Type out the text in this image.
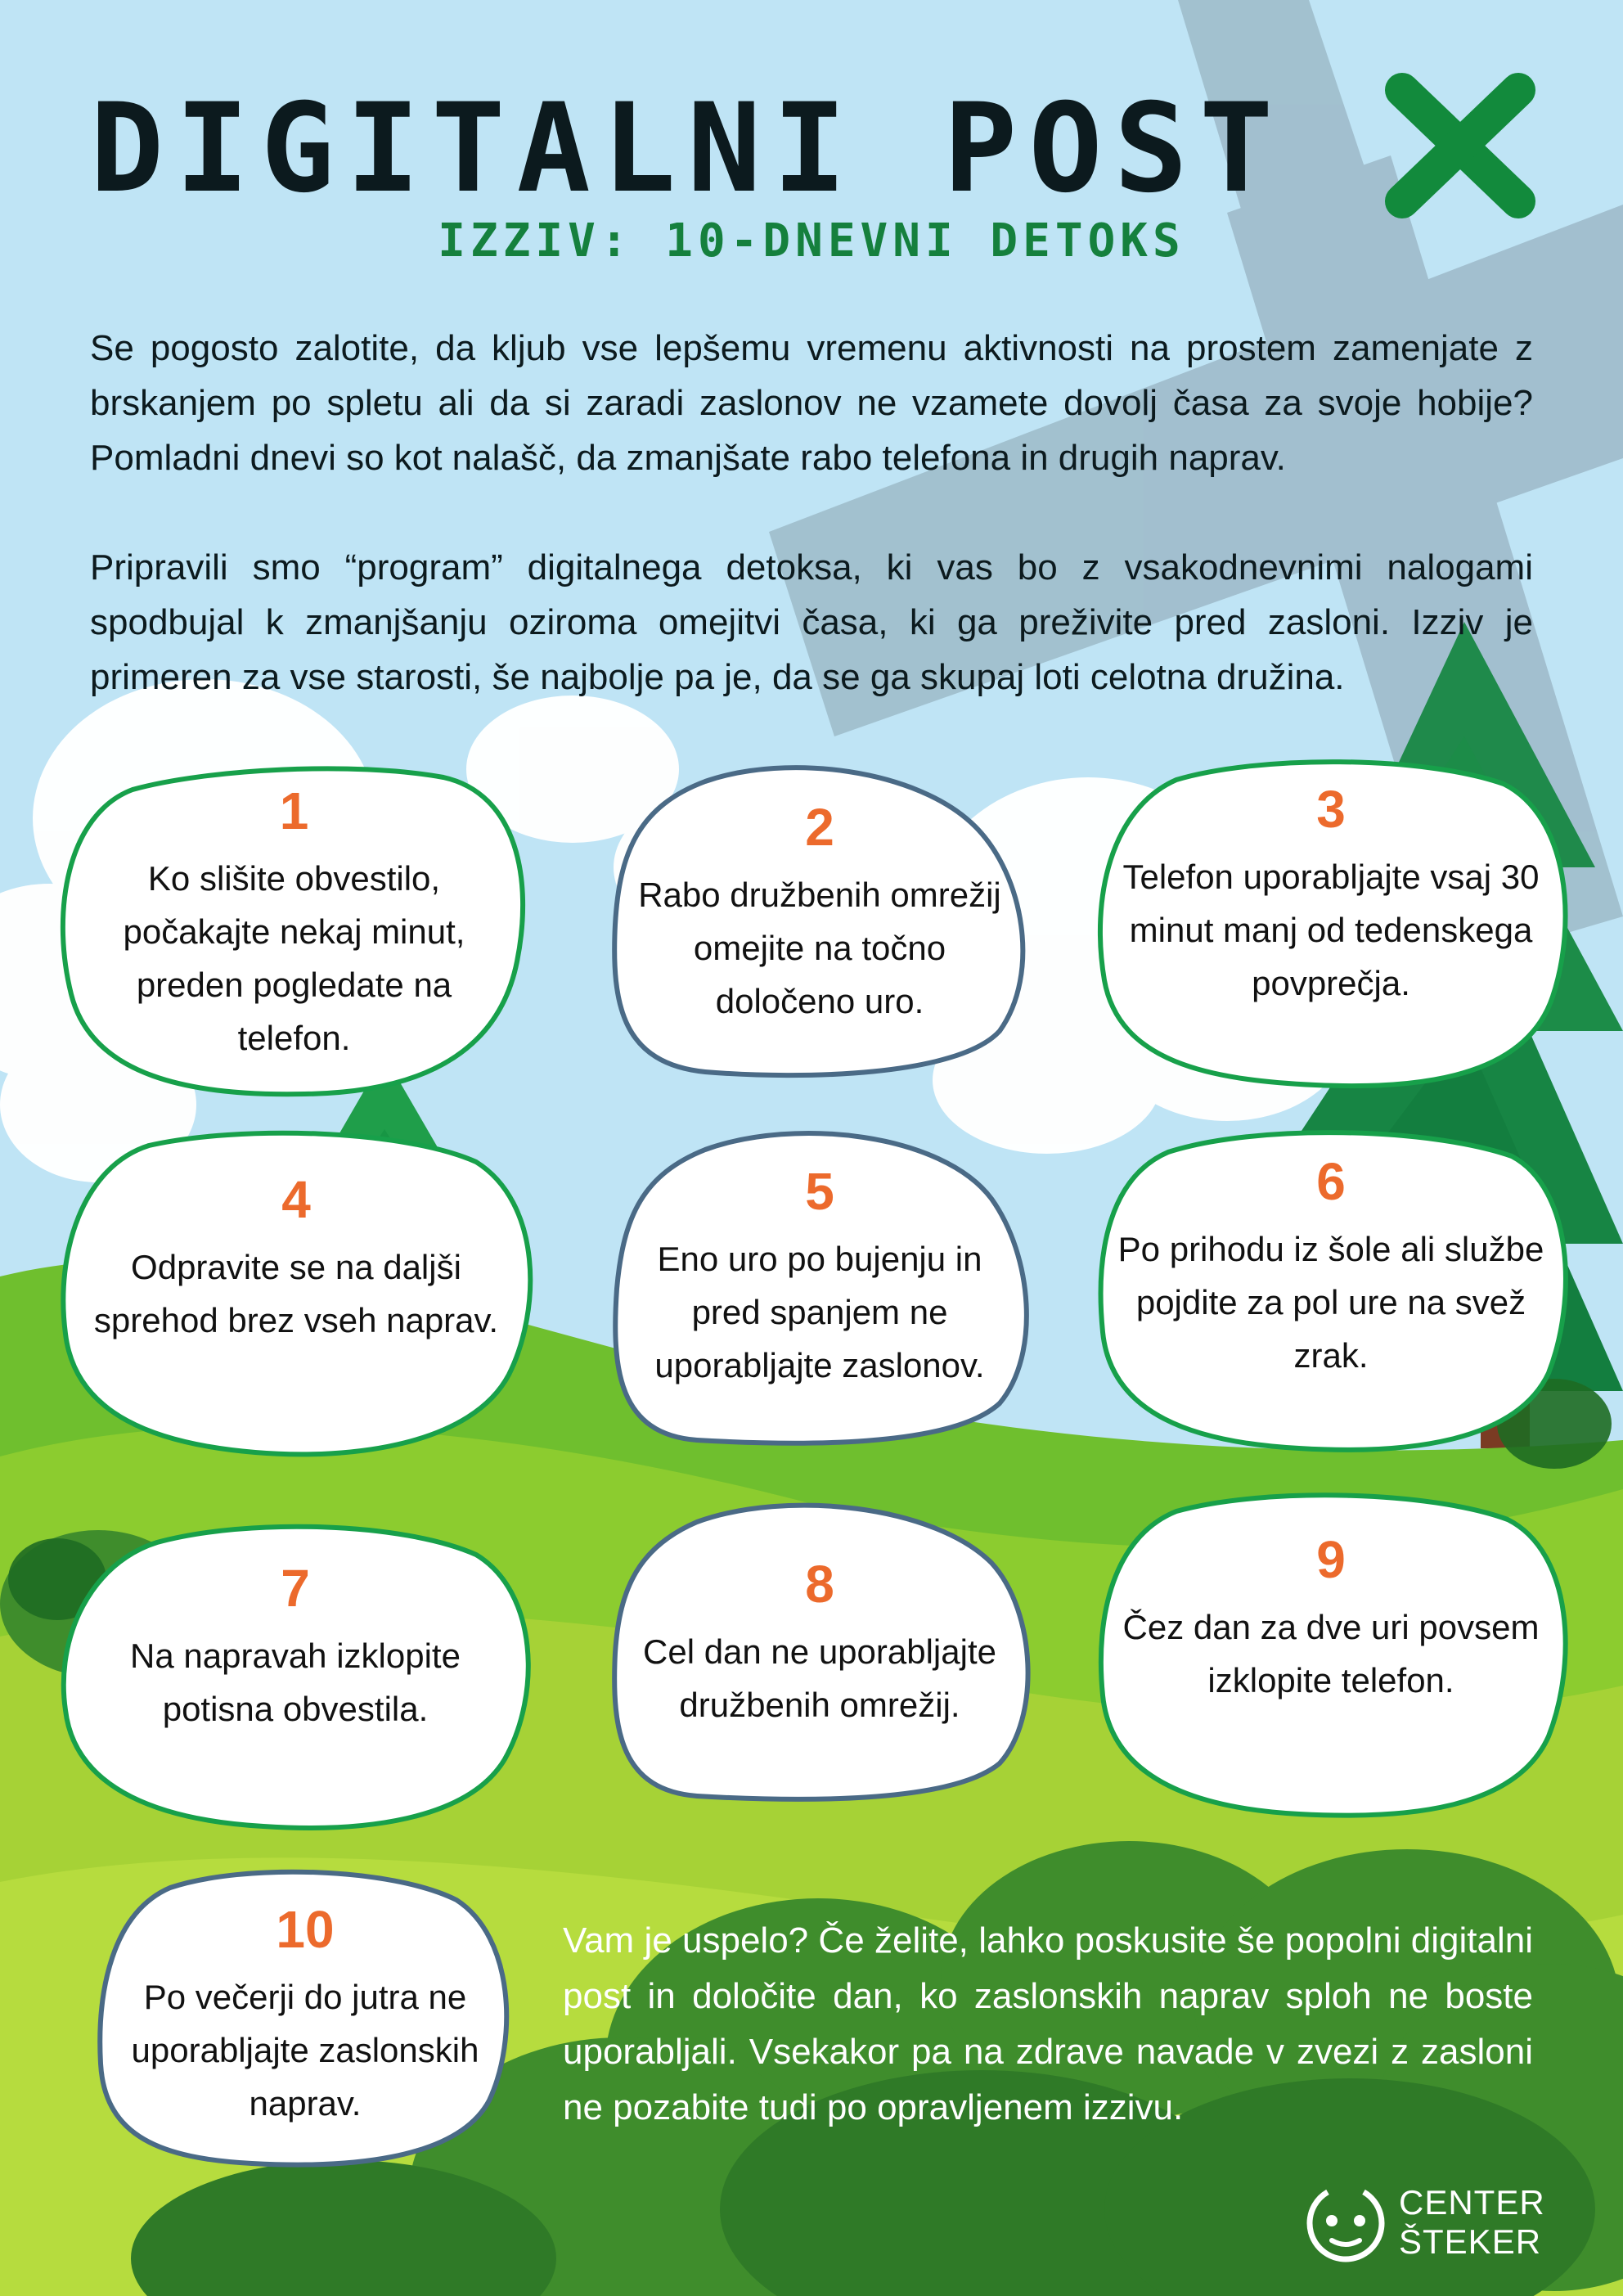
DIGITALNI POST
IZZIV: 10-DNEVNI DETOKS
Se pogosto zalotite, da kljub vse lepšemu vremenu aktivnosti na prostem zamenjate z brskanjem po spletu ali da si zaradi zaslonov ne vzamete dovolj časa za svoje hobije? Pomladni dnevi so kot nalašč, da zmanjšate rabo telefona in drugih naprav.
Pripravili smo “program” digitalnega detoksa, ki vas bo z vsakodnevnimi nalogami spodbujal k zmanjšanju oziroma omejitvi časa, ki ga preživite pred zasloni. Izziv je primeren za vse starosti, še najbolje pa je, da se ga skupaj loti celotna družina.
1
Ko slišite obvestilo, počakajte nekaj minut, preden pogledate na telefon.
2
Rabo družbenih omrežij omejite na točno določeno uro.
3
Telefon uporabljajte vsaj 30 minut manj od tedenskega povprečja.
4
Odpravite se na daljši sprehod brez vseh naprav.
5
Eno uro po bujenju in pred spanjem ne uporabljajte zaslonov.
6
Po prihodu iz šole ali službe pojdite za pol ure na svež zrak.
7
Na napravah izklopite potisna obvestila.
8
Cel dan ne uporabljajte družbenih omrežij.
9
Čez dan za dve uri povsem izklopite telefon.
10
Po večerji do jutra ne uporabljajte zaslonskih naprav.
Vam je uspelo? Če želite, lahko poskusite še popolni digitalni post in določite dan, ko zaslonskih naprav sploh ne boste uporabljali. Vsekakor pa na zdrave navade v zvezi z zasloni ne pozabite tudi po opravljenem izzivu.
CENTER
ŠTEKER
